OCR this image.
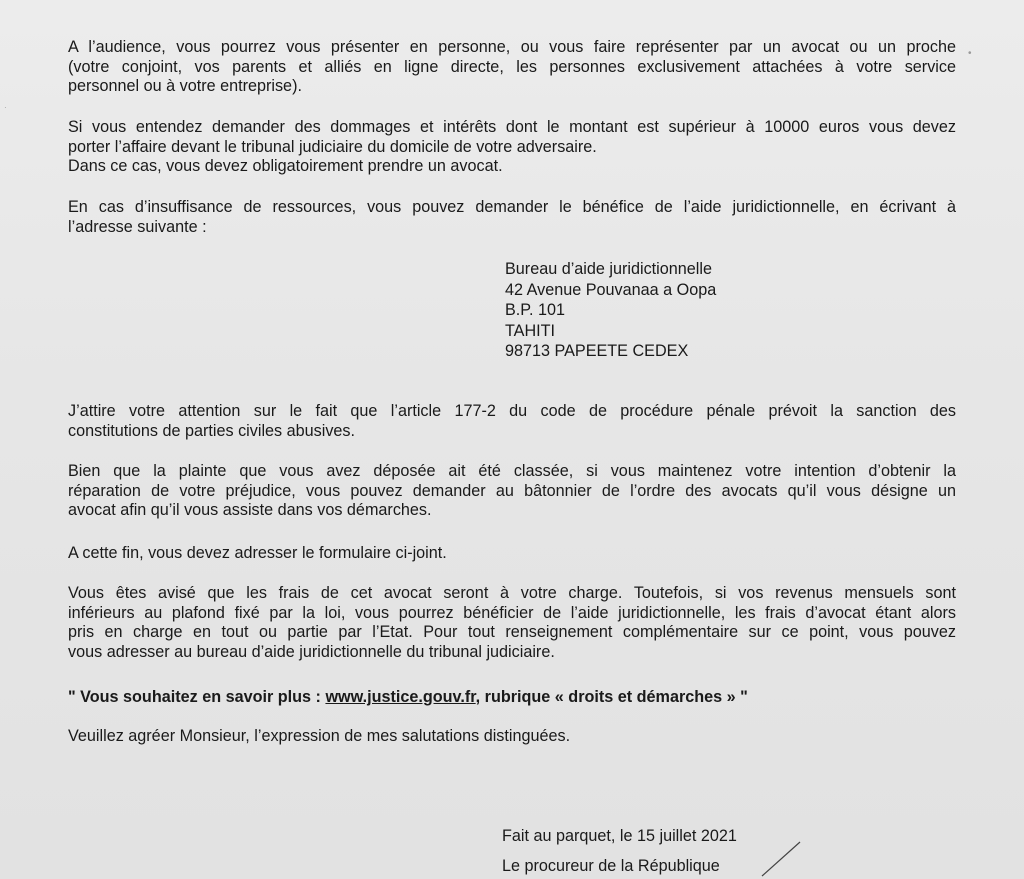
•
·

A l’audience, vous pourrez vous présenter en personne, ou vous faire représenter par un avocat ou un proche
(votre conjoint, vos parents et alliés en ligne directe, les personnes exclusivement attachées à votre service
personnel ou à votre entreprise).

Si vous entendez demander des dommages et intérêts dont le montant est supérieur à 10000 euros vous devez
porter l’affaire devant le tribunal judiciaire du domicile de votre adversaire.
Dans ce cas, vous devez obligatoirement prendre un avocat.

En cas d’insuffisance de ressources, vous pouvez demander le bénéfice de l’aide juridictionnelle, en écrivant à
l’adresse suivante :

Bureau d’aide juridictionnelle
42 Avenue Pouvanaa a Oopa
B.P. 101
TAHITI
98713 PAPEETE CEDEX

J’attire votre attention sur le fait que l’article 177-2 du code de procédure pénale prévoit la sanction des
constitutions de parties civiles abusives.

Bien que la plainte que vous avez déposée ait été classée, si vous maintenez votre intention d’obtenir la
réparation de votre préjudice, vous pouvez demander au bâtonnier de l’ordre des avocats qu’il vous désigne un
avocat afin qu’il vous assiste dans vos démarches.

A cette fin, vous devez adresser le formulaire ci-joint.

Vous êtes avisé que les frais de cet avocat seront à votre charge. Toutefois, si vos revenus mensuels sont
inférieurs au plafond fixé par la loi, vous pourrez bénéficier de l’aide juridictionnelle, les frais d’avocat étant alors
pris en charge en tout ou partie par l’Etat. Pour tout renseignement complémentaire sur ce point, vous pouvez
vous adresser au bureau d’aide juridictionnelle du tribunal judiciaire.

" Vous souhaitez en savoir plus : www.justice.gouv.fr, rubrique « droits et démarches » "

Veuillez agréer Monsieur, l’expression de mes salutations distinguées.

Fait au parquet, le 15 juillet 2021
Le procureur de la République
